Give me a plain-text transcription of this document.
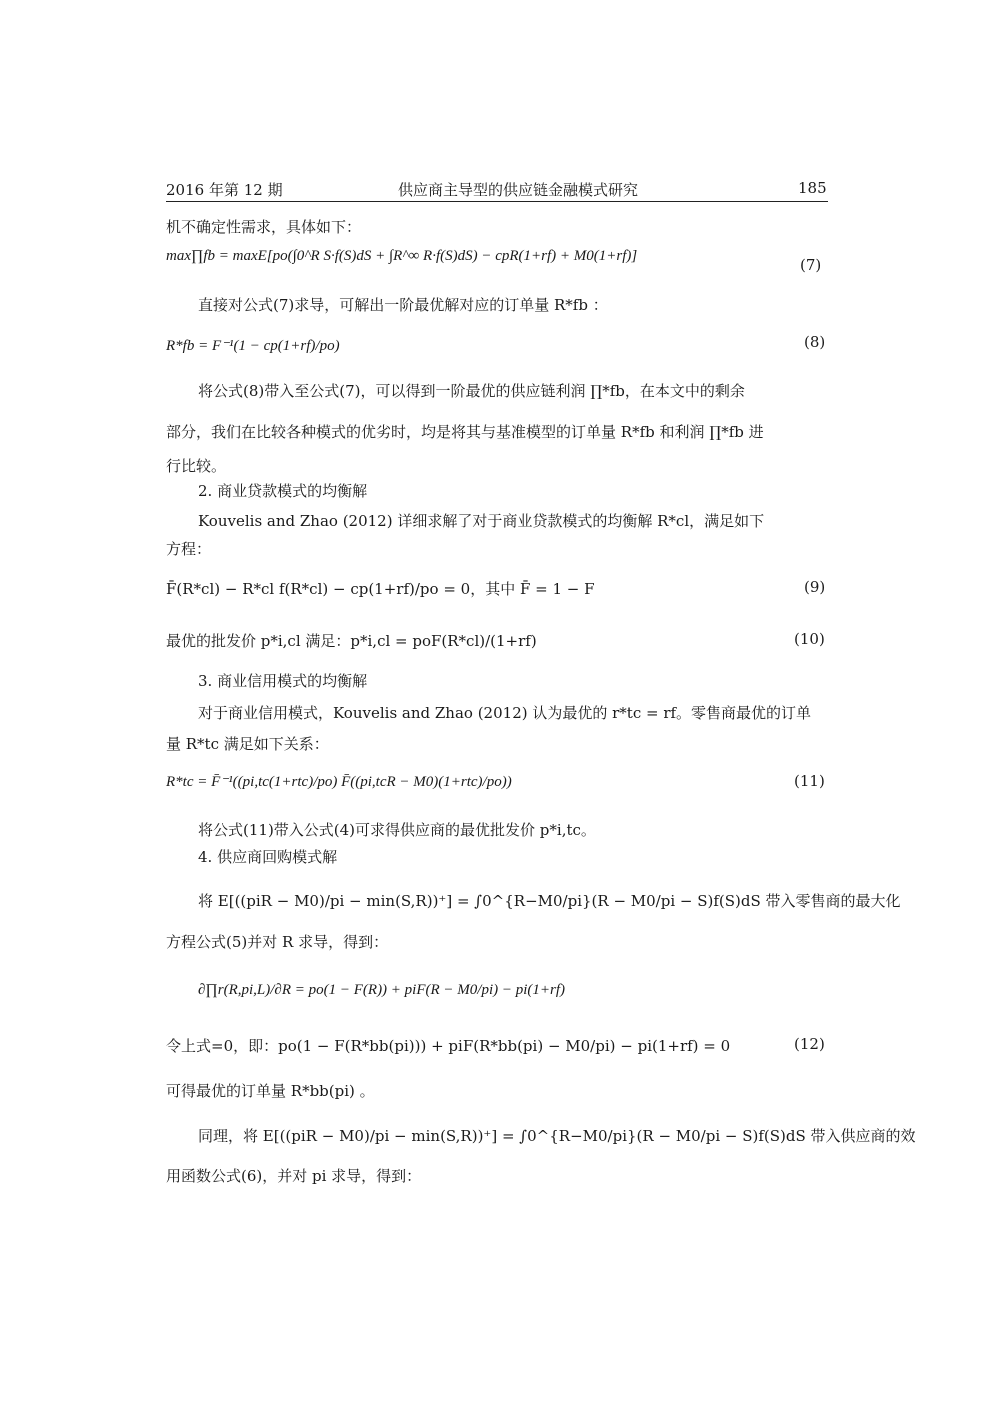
2016 年第 12 期	供应商主导型的供应链金融模式研究	185
机不确定性需求，具体如下：
max∏fb = maxE[po(∫0^R S·f(S)dS + ∫R^∞ R·f(S)dS) − cpR(1+rf) + M0(1+rf)]	(7)
直接对公式(7)求导，可解出一阶最优解对应的订单量 R*fb ：
R*fb = F⁻¹(1 − cp(1+rf)/po)	(8)
将公式(8)带入至公式(7)，可以得到一阶最优的供应链利润 ∏*fb，在本文中的剩余
部分，我们在比较各种模式的优劣时，均是将其与基准模型的订单量 R*fb 和利润 ∏*fb 进
行比较。
2. 商业贷款模式的均衡解
Kouvelis and Zhao (2012) 详细求解了对于商业贷款模式的均衡解 R*cl，满足如下
方程：
F̄(R*cl) − R*cl f(R*cl) − cp(1+rf)/po = 0，其中 F̄ = 1 − F	(9)
最优的批发价 p*i,cl 满足：p*i,cl = poF(R*cl)/(1+rf)	(10)
3. 商业信用模式的均衡解
对于商业信用模式，Kouvelis and Zhao (2012) 认为最优的 r*tc = rf。零售商最优的订单
量 R*tc 满足如下关系：
R*tc = F̄⁻¹((pi,tc(1+rtc)/po) F̄((pi,tcR − M0)(1+rtc)/po))	(11)
将公式(11)带入公式(4)可求得供应商的最优批发价 p*i,tc。
4. 供应商回购模式解
将 E[((piR − M0)/pi − min(S,R))⁺] = ∫0^{R−M0/pi}(R − M0/pi − S)f(S)dS 带入零售商的最大化
方程公式(5)并对 R 求导，得到：
∂∏r(R,pi,L)/∂R = po(1 − F(R)) + piF(R − M0/pi) − pi(1+rf)
令上式=0，即：po(1 − F(R*bb(pi))) + piF(R*bb(pi) − M0/pi) − pi(1+rf) = 0	(12)
可得最优的订单量 R*bb(pi) 。
同理，将 E[((piR − M0)/pi − min(S,R))⁺] = ∫0^{R−M0/pi}(R − M0/pi − S)f(S)dS 带入供应商的效
用函数公式(6)，并对 pi 求导，得到：
